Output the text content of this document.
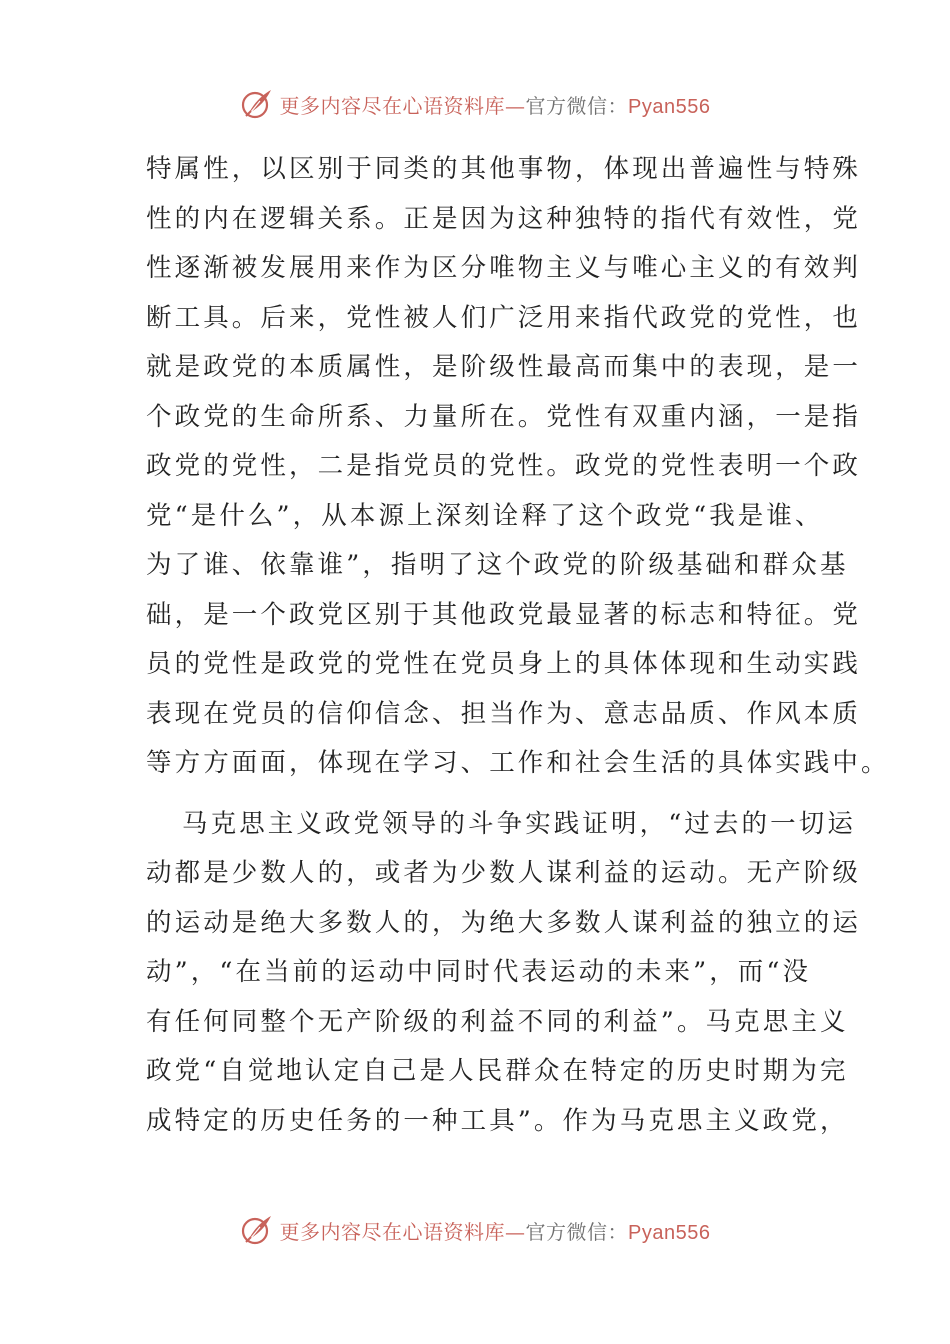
更多内容尽在心语资料库—官方微信：Pyan556

特属性，以区别于同类的其他事物，体现出普遍性与特殊
性的内在逻辑关系。正是因为这种独特的指代有效性，党
性逐渐被发展用来作为区分唯物主义与唯心主义的有效判
断工具。后来，党性被人们广泛用来指代政党的党性，也
就是政党的本质属性，是阶级性最高而集中的表现，是一
个政党的生命所系、力量所在。党性有双重内涵，一是指
政党的党性，二是指党员的党性。政党的党性表明一个政
党“是什么”，从本源上深刻诠释了这个政党“我是谁、
为了谁、依靠谁”，指明了这个政党的阶级基础和群众基
础，是一个政党区别于其他政党最显著的标志和特征。党
员的党性是政党的党性在党员身上的具体体现和生动实践
表现在党员的信仰信念、担当作为、意志品质、作风本质
等方方面面，体现在学习、工作和社会生活的具体实践中。

马克思主义政党领导的斗争实践证明，“过去的一切运
动都是少数人的，或者为少数人谋利益的运动。无产阶级
的运动是绝大多数人的，为绝大多数人谋利益的独立的运
动”，“在当前的运动中同时代表运动的未来”，而“没
有任何同整个无产阶级的利益不同的利益”。马克思主义
政党“自觉地认定自己是人民群众在特定的历史时期为完
成特定的历史任务的一种工具”。作为马克思主义政党，

更多内容尽在心语资料库—官方微信：Pyan556
